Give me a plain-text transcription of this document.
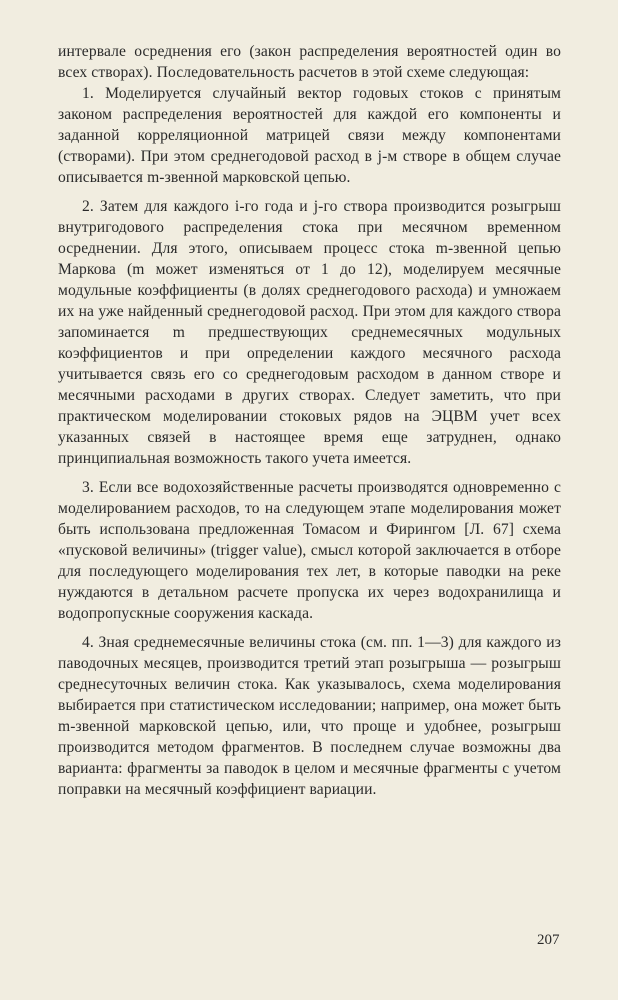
интервале осреднения его (закон распределения вероятностей один во всех створах). Последовательность расчетов в этой схеме следующая:

1. Моделируется случайный вектор годовых стоков с принятым законом распределения вероятностей для каждой его компоненты и заданной корреляционной матрицей связи между компонентами (створами). При этом среднегодовой расход в j-м створе в общем случае описывается m-звенной марковской цепью.

2. Затем для каждого i-го года и j-го створа производится розыгрыш внутригодового распределения стока при месячном временном осреднении. Для этого, описываем процесс стока m-звенной цепью Маркова (m может изменяться от 1 до 12), моделируем месячные модульные коэффициенты (в долях среднегодового расхода) и умножаем их на уже найденный среднегодовой расход. При этом для каждого створа запоминается m предшествующих среднемесячных модульных коэффициентов и при определении каждого месячного расхода учитывается связь его со среднегодовым расходом в данном створе и месячными расходами в других створах. Следует заметить, что при практическом моделировании стоковых рядов на ЭЦВМ учет всех указанных связей в настоящее время еще затруднен, однако принципиальная возможность такого учета имеется.

3. Если все водохозяйственные расчеты производятся одновременно с моделированием расходов, то на следующем этапе моделирования может быть использована предложенная Томасом и Фирингом [Л. 67] схема «пусковой величины» (trigger value), смысл которой заключается в отборе для последующего моделирования тех лет, в которые паводки на реке нуждаются в детальном расчете пропуска их через водохранилища и водопропускные сооружения каскада.

4. Зная среднемесячные величины стока (см. пп. 1—3) для каждого из паводочных месяцев, производится третий этап розыгрыша — розыгрыш среднесуточных величин стока. Как указывалось, схема моделирования выбирается при статистическом исследовании; например, она может быть m-звенной марковской цепью, или, что проще и удобнее, розыгрыш производится методом фрагментов. В последнем случае возможны два варианта: фрагменты за паводок в целом и месячные фрагменты с учетом поправки на месячный коэффициент вариации.

207
